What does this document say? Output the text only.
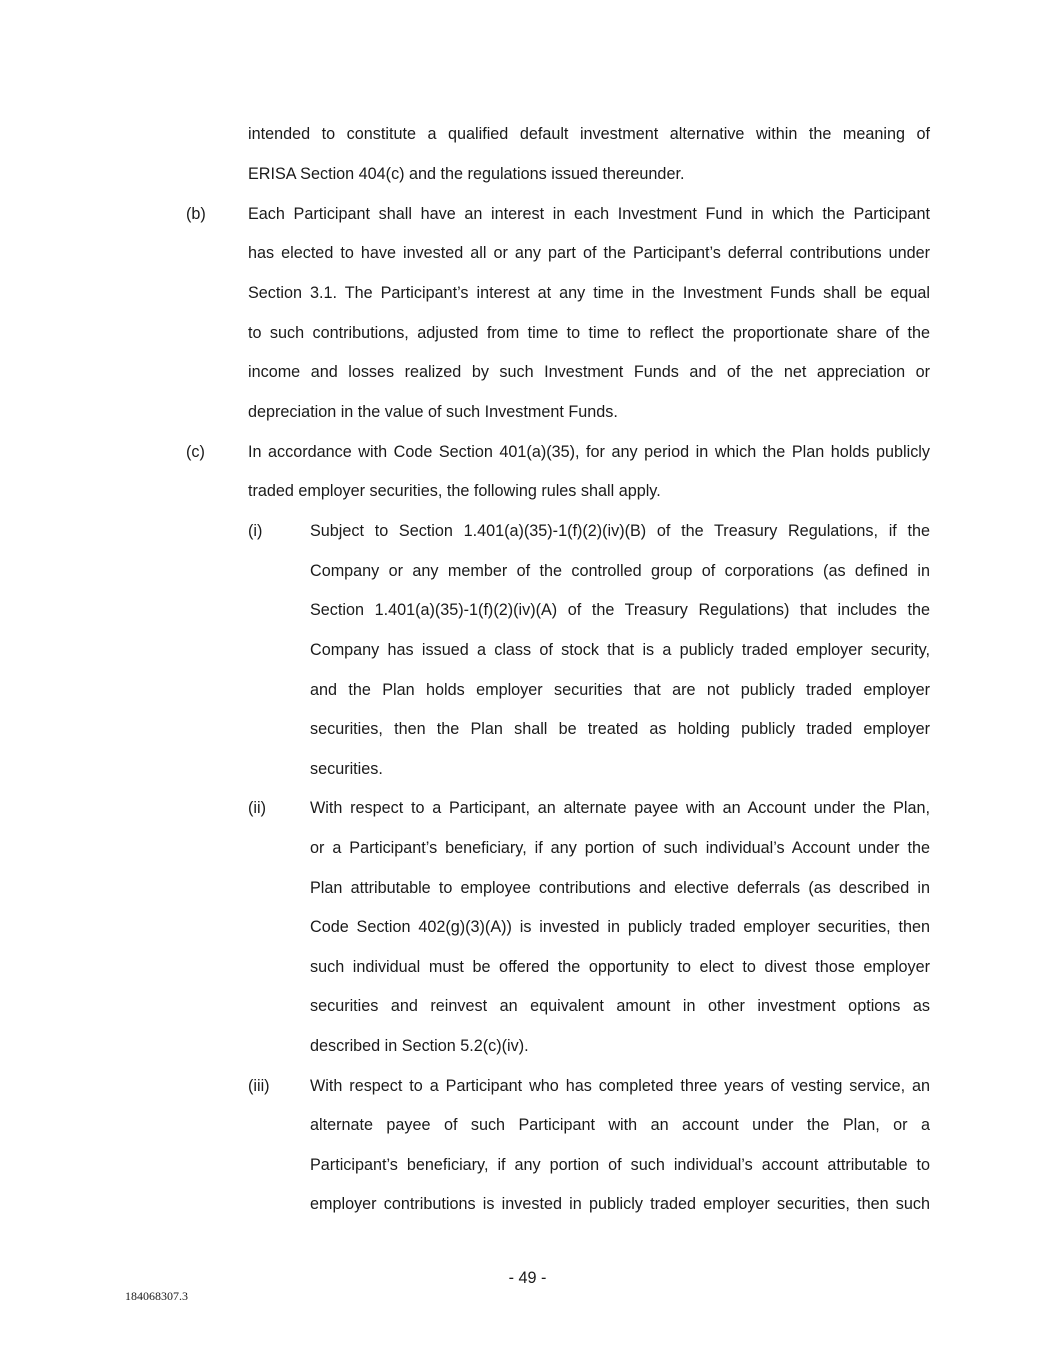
intended to constitute a qualified default investment alternative within the meaning of
ERISA Section 404(c) and the regulations issued thereunder.
(b)	Each Participant shall have an interest in each Investment Fund in which the Participant
has elected to have invested all or any part of the Participant’s deferral contributions under
Section 3.1. The Participant’s interest at any time in the Investment Funds shall be equal
to such contributions, adjusted from time to time to reflect the proportionate share of the
income and losses realized by such Investment Funds and of the net appreciation or
depreciation in the value of such Investment Funds.
(c)	In accordance with Code Section 401(a)(35), for any period in which the Plan holds publicly
traded employer securities, the following rules shall apply.
(i)	Subject to Section 1.401(a)(35)-1(f)(2)(iv)(B) of the Treasury Regulations, if the
Company or any member of the controlled group of corporations (as defined in
Section 1.401(a)(35)-1(f)(2)(iv)(A) of the Treasury Regulations) that includes the
Company has issued a class of stock that is a publicly traded employer security,
and the Plan holds employer securities that are not publicly traded employer
securities, then the Plan shall be treated as holding publicly traded employer
securities.
(ii)	With respect to a Participant, an alternate payee with an Account under the Plan,
or a Participant’s beneficiary, if any portion of such individual’s Account under the
Plan attributable to employee contributions and elective deferrals (as described in
Code Section 402(g)(3)(A)) is invested in publicly traded employer securities, then
such individual must be offered the opportunity to elect to divest those employer
securities and reinvest an equivalent amount in other investment options as
described in Section 5.2(c)(iv).
(iii) With respect to a Participant who has completed three years of vesting service, an
alternate payee of such Participant with an account under the Plan, or a
Participant’s beneficiary, if any portion of such individual’s account attributable to
employer contributions is invested in publicly traded employer securities, then such
- 49 -
184068307.3
